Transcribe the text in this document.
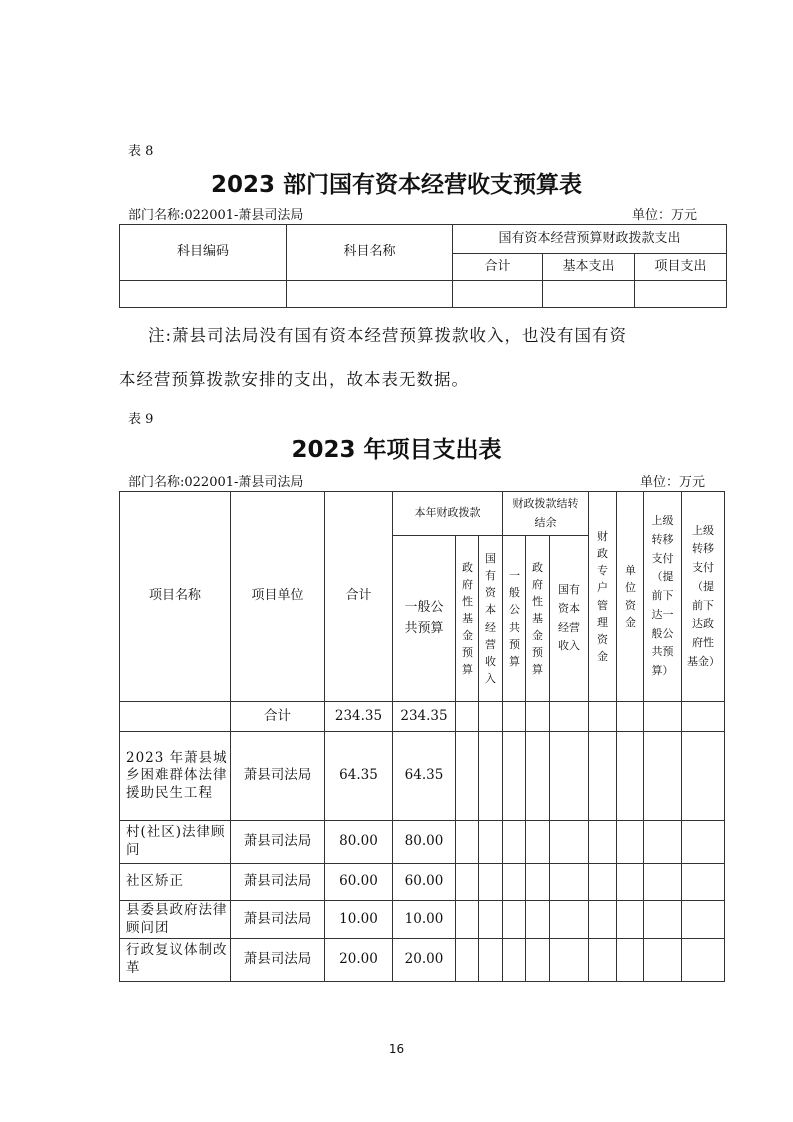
表 8
2023 部门国有资本经营收支预算表
部门名称:022001-萧县司法局	单位：万元
科目编码	科目名称	国有资本经营预算财政拨款支出		
		合计	基本支出	项目支出

注:萧县司法局没有国有资本经营预算拨款收入，也没有国有资
本经营预算拨款安排的支出，故本表无数据。
表 9
2023 年项目支出表
部门名称:022001-萧县司法局	单位：万元
项目名称	项目单位	合计	本年财政拨款			财政拨款结转结余			财政专户管理资金	单位资金	上级转移支付（提前下达一般公共预算）	上级转移支付（提前下达政府性基金）
			一般公共预算	政府性基金预算	国有资本经营收入	一般公共预算	政府性基金预算	国有资本经营收入				
	合计	234.35	234.35									
2023 年萧县城乡困难群体法律援助民生工程	萧县司法局	64.35	64.35									
村(社区)法律顾问	萧县司法局	80.00	80.00									
社区矫正	萧县司法局	60.00	60.00									
县委县政府法律顾问团	萧县司法局	10.00	10.00									
行政复议体制改革	萧县司法局	20.00	20.00									
16
